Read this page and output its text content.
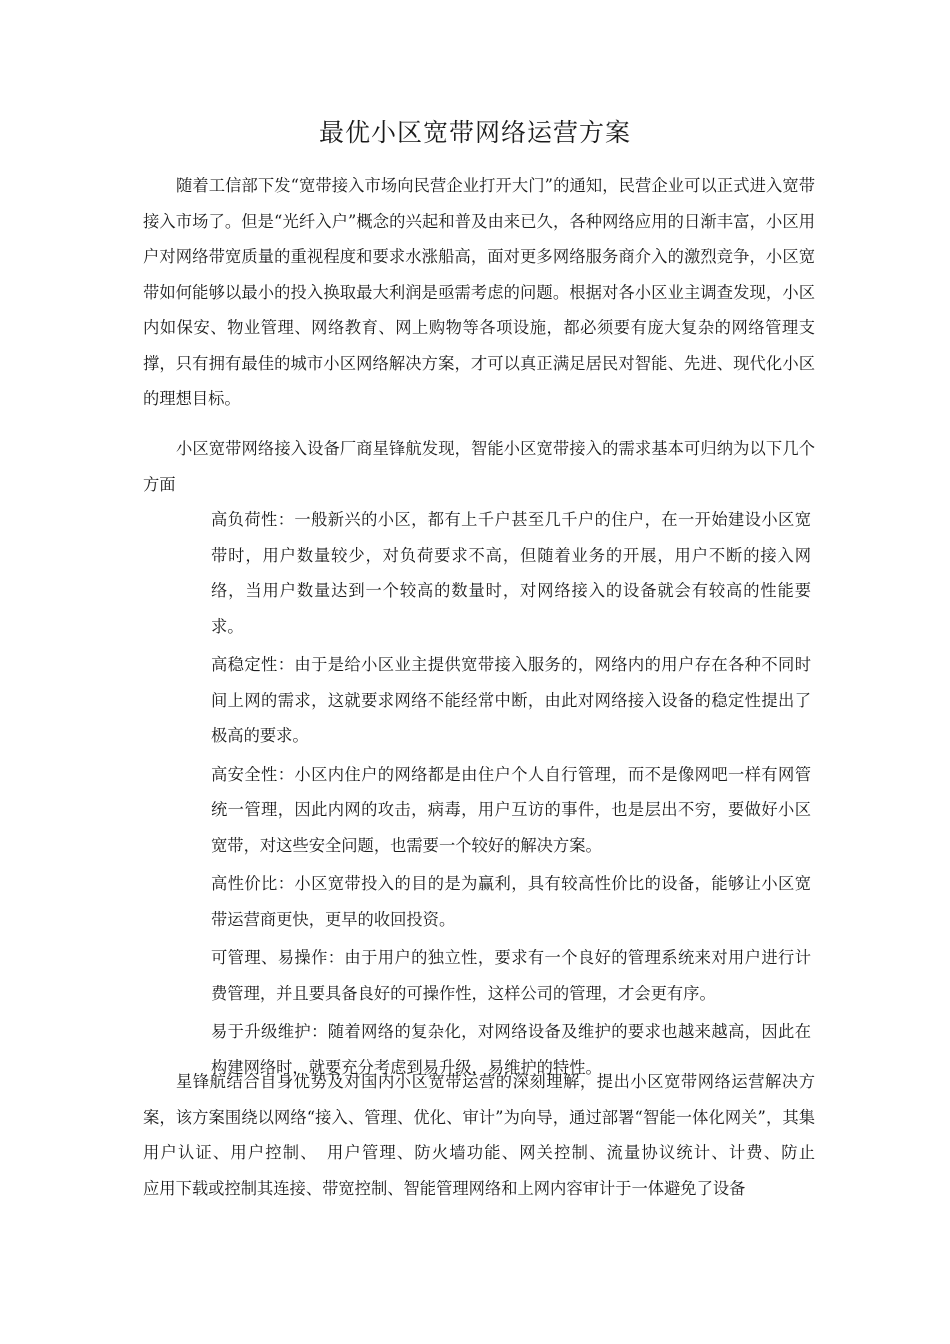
最优小区宽带网络运营方案

随着工信部下发“宽带接入市场向民营企业打开大门”的通知，民营企业可以正式进入宽带接入市场了。但是“光纤入户”概念的兴起和普及由来已久，各种网络应用的日渐丰富，小区用户对网络带宽质量的重视程度和要求水涨船高，面对更多网络服务商介入的激烈竞争，小区宽带如何能够以最小的投入换取最大利润是亟需考虑的问题。根据对各小区业主调查发现，小区内如保安、物业管理、网络教育、网上购物等各项设施，都必须要有庞大复杂的网络管理支撑，只有拥有最佳的城市小区网络解决方案，才可以真正满足居民对智能、先进、现代化小区的理想目标。

小区宽带网络接入设备厂商星锋航发现，智能小区宽带接入的需求基本可归纳为以下几个方面

高负荷性：一般新兴的小区，都有上千户甚至几千户的住户，在一开始建设小区宽带时，用户数量较少，对负荷要求不高，但随着业务的开展，用户不断的接入网络，当用户数量达到一个较高的数量时，对网络接入的设备就会有较高的性能要求。
高稳定性：由于是给小区业主提供宽带接入服务的，网络内的用户存在各种不同时间上网的需求，这就要求网络不能经常中断，由此对网络接入设备的稳定性提出了极高的要求。
高安全性：小区内住户的网络都是由住户个人自行管理，而不是像网吧一样有网管统一管理，因此内网的攻击，病毒，用户互访的事件，也是层出不穷，要做好小区宽带，对这些安全问题，也需要一个较好的解决方案。
高性价比：小区宽带投入的目的是为赢利，具有较高性价比的设备，能够让小区宽带运营商更快，更早的收回投资。
可管理、易操作：由于用户的独立性，要求有一个良好的管理系统来对用户进行计费管理，并且要具备良好的可操作性，这样公司的管理，才会更有序。
易于升级维护：随着网络的复杂化，对网络设备及维护的要求也越来越高，因此在构建网络时，就要充分考虑到易升级，易维护的特性。

星锋航结合自身优势及对国内小区宽带运营的深刻理解，提出小区宽带网络运营解决方案，该方案围绕以网络“接入、管理、优化、审计”为向导，通过部署“智能一体化网关”，其集用户认证、用户控制、　用户管理、防火墙功能、网关控制、流量协议统计、计费、防止　　应用下载或控制其连接、带宽控制、智能管理网络和上网内容审计于一体避免了设备
